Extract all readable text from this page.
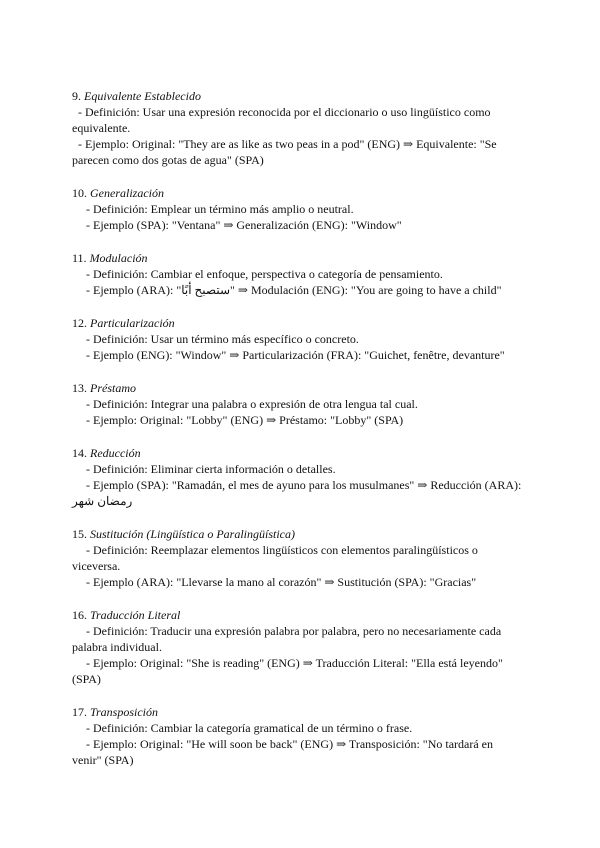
9. Equivalente Establecido
- Definición: Usar una expresión reconocida por el diccionario o uso lingüístico como
equivalente.
- Ejemplo: Original: "They are as like as two peas in a pod" (ENG) ⇒ Equivalente: "Se
parecen como dos gotas de agua" (SPA)
10. Generalización
- Definición: Emplear un término más amplio o neutral.
- Ejemplo (SPA): "Ventana" ⇒ Generalización (ENG): "Window"
11. Modulación
- Definición: Cambiar el enfoque, perspectiva o categoría de pensamiento.
- Ejemplo (ARA): "ستصبح أبًا" ⇒ Modulación (ENG): "You are going to have a child"
12. Particularización
- Definición: Usar un término más específico o concreto.
- Ejemplo (ENG): "Window" ⇒ Particularización (FRA): "Guichet, fenêtre, devanture"
13. Préstamo
- Definición: Integrar una palabra o expresión de otra lengua tal cual.
- Ejemplo: Original: "Lobby" (ENG) ⇒ Préstamo: "Lobby" (SPA)
14. Reducción
- Definición: Eliminar cierta información o detalles.
- Ejemplo (SPA): "Ramadán, el mes de ayuno para los musulmanes" ⇒ Reducción (ARA):
رمضان شهر
15. Sustitución (Lingüística o Paralingüística)
- Definición: Reemplazar elementos lingüísticos con elementos paralingüísticos o
viceversa.
- Ejemplo (ARA): "Llevarse la mano al corazón" ⇒ Sustitución (SPA): "Gracias"
16. Traducción Literal
- Definición: Traducir una expresión palabra por palabra, pero no necesariamente cada
palabra individual.
- Ejemplo: Original: "She is reading" (ENG) ⇒ Traducción Literal: "Ella está leyendo"
(SPA)
17. Transposición
- Definición: Cambiar la categoría gramatical de un término o frase.
- Ejemplo: Original: "He will soon be back" (ENG) ⇒ Transposición: "No tardará en
venir" (SPA)
